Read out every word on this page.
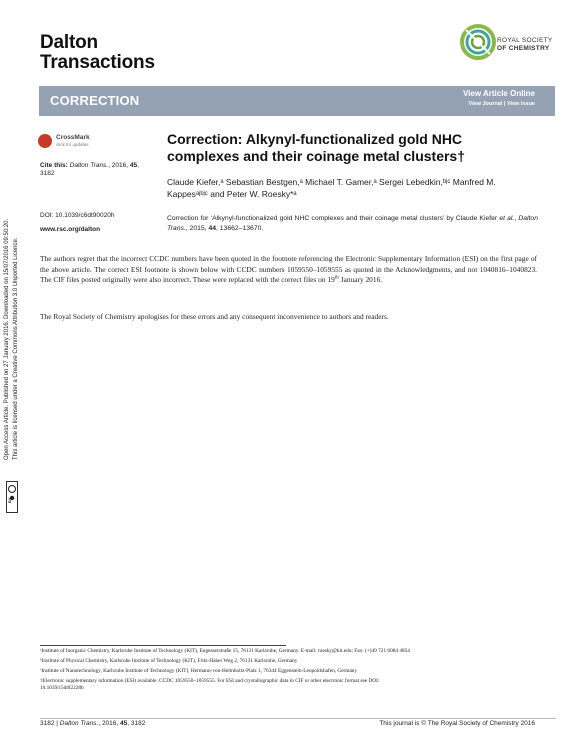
Dalton
Transactions
ROYAL SOCIETY
OF CHEMISTRY
CORRECTION	View Article Online
View Journal | View Issue
Open Access Article. Published on 27 January 2016. Downloaded on 15/07/2016 09:50:20. This article is licensed under a Creative Commons Attribution 3.0 Unported Licence.
BY
CrossMark
click for updates
Cite this: Dalton Trans., 2016, 45,
3182
DOI: 10.1039/c6dt90020h
www.rsc.org/dalton
Correction: Alkynyl-functionalized gold NHC
complexes and their coinage metal clusters†
Claude Kiefer,ᵃ Sebastian Bestgen,ᵃ Michael T. Gamer,ᵃ Sergei Lebedkin,ᵇʲᶜ Manfred M. Kappesᵃʲᵇʲᶜ and Peter W. Roesky*ᵃ
Correction for ‘Alkynyl-functionalized gold NHC complexes and their coinage metal clusters’ by Claude Kiefer et al., Dalton Trans., 2015, 44, 13662–13670.
The authors regret that the incorrect CCDC numbers have been quoted in the footnote referencing the Electronic Supplementary Information (ESI) on the first page of the above article. The correct ESI footnote is shown below with CCDC numbers 1059550–1059555 as quoted in the Acknowledgments, and not 1040816–1040823. The CIF files posted originally were also incorrect. These were replaced with the correct files on 19th January 2016.
The Royal Society of Chemistry apologises for these errors and any consequent inconvenience to authors and readers.
ᵃInstitute of Inorganic Chemistry, Karlsruhe Institute of Technology (KIT), Engesserstraße 15, 76131 Karlsruhe, Germany. E-mail: roesky@kit.edu; Fax: (+)49 721 6084 4854
ᵇInstitute of Physical Chemistry, Karlsruhe Institute of Technology (KIT), Fritz-Haber Weg 2, 76131 Karlsruhe, Germany
ᶜInstitute of Nanotechnology, Karlsruhe Institute of Technology (KIT), Hermann-von-Helmholtz-Platz 1, 76344 Eggenstein-Leopoldshafen, Germany
†Electronic supplementary information (ESI) available. CCDC 1059550–1059555. For ESI and crystallographic data in CIF or other electronic format see DOI:
10.1039/c5dt02228b
3182 | Dalton Trans., 2016, 45, 3182	This journal is © The Royal Society of Chemistry 2016
